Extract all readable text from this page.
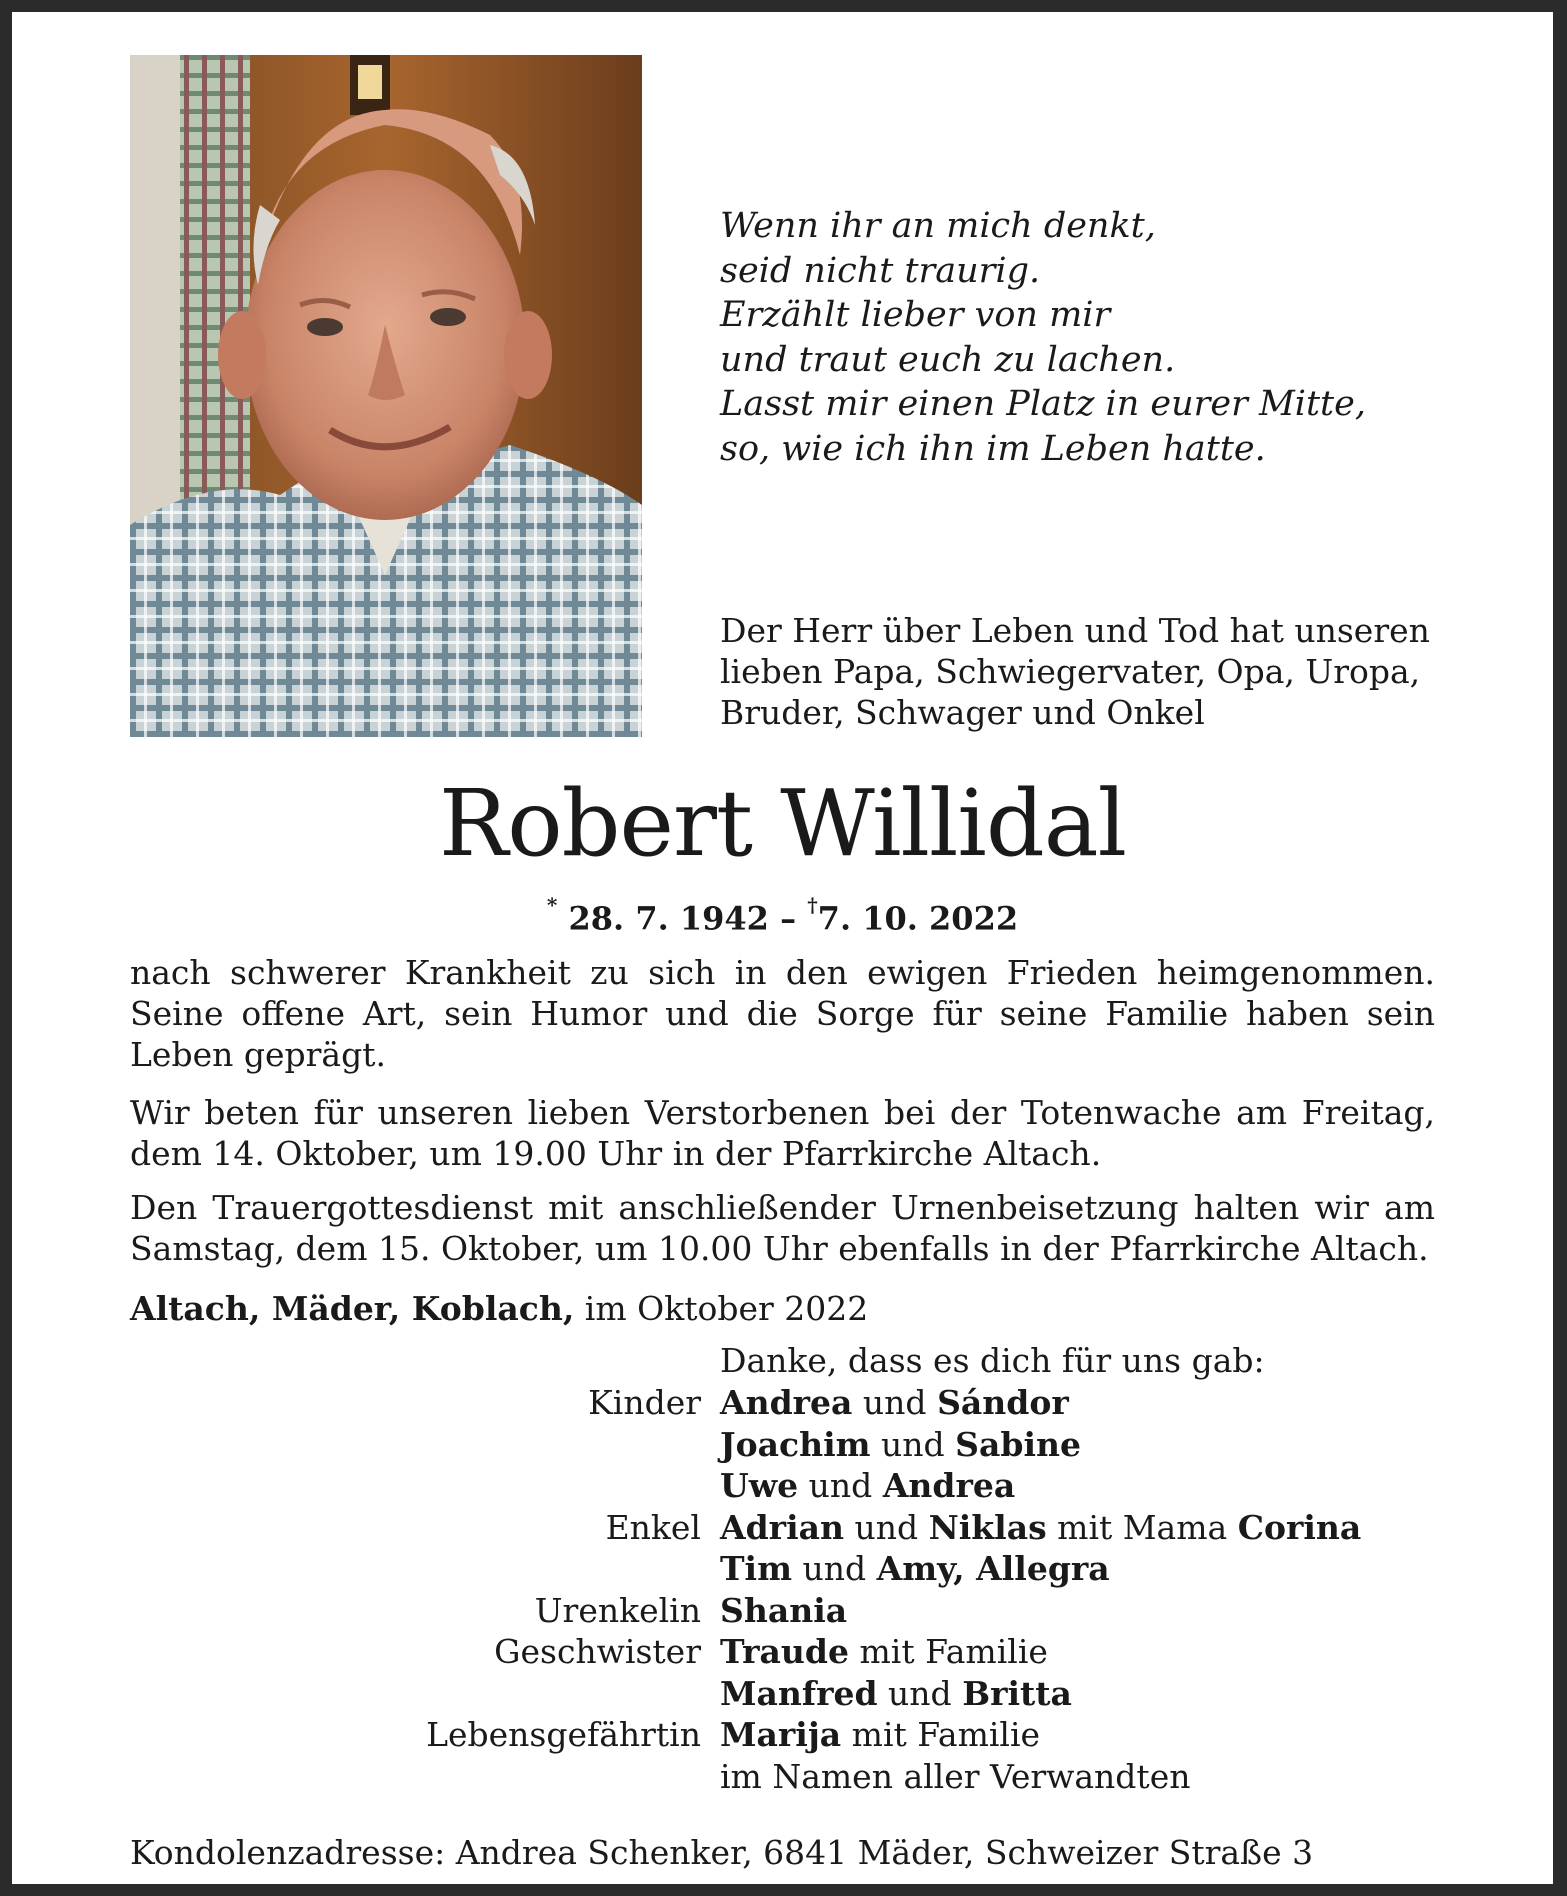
Wenn ihr an mich denkt,
seid nicht traurig.
Erzählt lieber von mir
und traut euch zu lachen.
Lasst mir einen Platz in eurer Mitte,
so, wie ich ihn im Leben hatte.
Der Herr über Leben und Tod hat unseren
lieben Papa, Schwiegervater, Opa, Uropa,
Bruder, Schwager und Onkel
Robert Willidal
* 28. 7. 1942 – †7. 10. 2022

nach schwerer Krankheit zu sich in den ewigen Frieden heimgenommen. Seine offene Art, sein Humor und die Sorge für seine Familie haben sein Leben geprägt.

Wir beten für unseren lieben Verstorbenen bei der Totenwache am Freitag, dem 14. Oktober, um 19.00 Uhr in der Pfarrkirche Altach.

Den Trauergottesdienst mit anschließender Urnenbeisetzung halten wir am Samstag, dem 15. Oktober, um 10.00 Uhr ebenfalls in der Pfarrkirche Altach.

Altach, Mäder, Koblach, im Oktober 2022
Danke, dass es dich für uns gab:
Kinder Andrea und Sándor
Joachim und Sabine
Uwe und Andrea
Enkel Adrian und Niklas mit Mama Corina
Tim und Amy, Allegra
Urenkelin Shania
Geschwister Traude mit Familie
Manfred und Britta
Lebensgefährtin Marija mit Familie
im Namen aller Verwandten
Kondolenzadresse: Andrea Schenker, 6841 Mäder, Schweizer Straße 3
